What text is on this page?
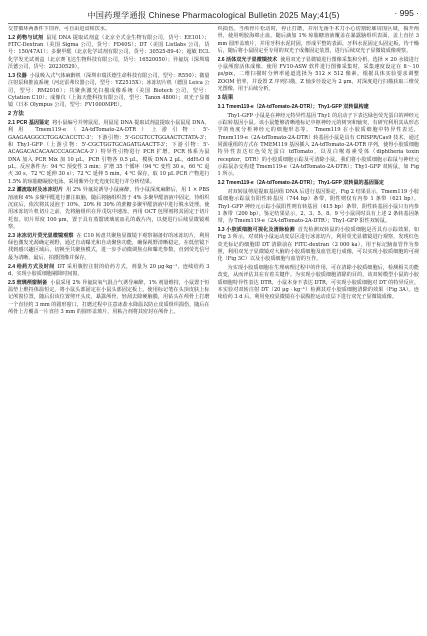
中国药理学通报 Chinese Pharmacological Bulletin 2025 May;41(5)	· 995 ·

交替循环两条件下饲养，可自由进食和饮水。

1.2 药物与试剂 鼠尾 DNA 提取试剂盒（北京全式金生物有限公司，货号：EE101）；FITC-Dextran（美国 Sigma 公司，货号：FD40S）；DT（美国 Listlabs 公司，货号：150/47A1）；多聚甲醛（北京化学试剂有限公司，货号：30525-89-4）；超敏 ECL 化学发光试剂盒（北京赛飞达生物科技有限公司，货号：16520050）；异氟烷（深圳瑞沃德公司，货号：20230529）。

1.3 仪器 小鼠吸入式气体麻醉机（深圳市瑞沃德生命科技有限公司，型号：R550）；微量注射泵和推流系统（河北雷弗仪器公司，型号：YZ2515X）；冰冻切片机（德国 Leica 公司，型号：RM2016）；共聚焦激光扫描成像系统（美国 Biotech 公司，型号：Cytation C10）；成像仪（上海天能科技有限公司，型号：Tanon 4800）；双光子显微镜（日本 Olympus 公司，型号：FV1000MPE）。

2 方法

2.1 PCR 基因鉴定 将小鼠编号并剪鼠尾，用鼠尾 DNA 提取试剂盒提取小鼠鼠尾 DNA，利用 Tmem119-e（2A-tdTomato-2A-DTR）上游引物：5'-GAAGAAGGCCTGGACACCTC-3'；下游引物：5'-GCGTCCTGGAACTCTATA-3'；和 Thy1-GFP（上游引物：5'-CGCTGGTGCAGATGAACTT-3'；下游引物：5'-ACAGACACACAACCCAGCACA-3'）特异性引物进行 PCR 扩增。PCR 体系为鼠 DNA 加入 PCR Mix 加 10 μL，PCR 引物各 0.5 μL，模板 DNA 2 μL，ddH₂O 6 μL。反应条件为：94 ℃ 预变性 3 min；扩增 35 个循环（94 ℃ 变性 30 s，60 ℃ 退火 30 s，72 ℃ 延伸 30 s）；72 ℃ 延伸 5 min，4 ℃ 保存。取 10 μL PCR 产物进行 1.5% 的琼脂糖凝胶电泳，采用紫外分光光度仪进行并分析结果。

2.2 灌流取材及冰冻切片 用 2% 异氟烷诱导小鼠麻醉，待小鼠深度麻醉后，用 1 × PBS 溶液和 4% 多聚甲醛进行灌注取脑，随后将脑组织置于 4% 多聚甲醛溶液中固定，待组织沉底后，依次将其浸泡于 10%、20% 和 30% 的蔗糖多聚甲醛溶液中进行脱水处理。使用冰冻切片机切片之前，先将脑组织在异戊烷中速冻，再用 OCT 包埋剂将其固定于切片托盘。切片厚度 100 μm，置于具有蒸馏玻璃底皿孔的载片内，以便进行后续显微镜观察。

2.3 冰冻切片荧光显微镜观察 在 C10 转盘共聚焦显微镜下观察制备好的冰冻切片，利用绿色激发光源确定视野，通过自动曝光和自动聚焦功能，确保视野清晰稳定。在低倍镜下找到感兴趣区域后，切换至共聚焦模式，进一步手动微调焦点和曝光参数，直到荧光信号最为清晰。最后，拍摄图像并保存。

2.4 给药方式及时间 DT 采用腹腔注射的给药方式，剂量为 20 μg·kg⁻¹，连续给药 3 d，实现小胶质细胞剔除时间窗。

2.5 玻璃颅窗制备 小鼠采用 2% 异氟烷氧气混合气诱导麻醉，1% 剂量维持，小鼠置于恒温垫上维持体温恒定。将小鼠头部固定在小鼠头部固定板上，使用标记笔在头顶皮肤上标记颅窗位置，随后沿该位置剪开头皮，暴露颅骨，轻刮去除硬脑膜，用钻头在颅骨上打磨一个直径约 3 mm 的圆形窗口，打磨过程中注意冰盐水降温以防止皮质组织损伤，随后在颅骨上方覆盖一片直径 3 mm 的圆形盖玻片，用粘合剂将其密封在颅骨上。

织损伤。当颅骨片松动时，停止打磨，并用无菌手术刀小心切割轮廓周围区域，揭开颅骨，使用明胶海绵止血。随后滴加 1% 琼脂糖溶液覆盖在暴露脑组织表面，盖上直径 3 mm 圆形盖玻片，并用牙科水泥封固，形成平整的表面。牙科水泥固定头固定板，待干燥后，随后将小鼠固定至专用的双光子成像固定装置，进行后续双光子显微镜成像观察。

2.6 活体双光子显微镜技术 使用双光子显微镜进行图像采集和分析。选择 × 20 水镜进行小鼠颅窗活体成像。使用 FV10-ASW 软件进行图像采集时，采集速度设定在 8～10 μs/pix，二维扫描时分辨率通道选择为 512 × 512 像素。根据具体实验要求调整 ZOOM 倍率，并设置 Z 序列扫描，Z 轴步径设定为 2 μm，对深度进行扫描获取三维荧光图像，用于后续分析。

3 结果
3.1 Tmem119-e（2A-tdTomato-2A-DTR）；Thy1-GFP 双转鼠构建

Thy1-GFP 小鼠是在神经元特异性基因 Thy1 的启动子下表达绿色荧光蛋白的神经元示踪转基因小鼠。该小鼠能够清晰地标记中枢神经元的树突和轴突，有研究利用其从形态学的角度分析神经元的细胞形态等。 Tmem119 在小胶质细胞中特异性表达，Tmem119-e（2A-tdTomato-2A-DTR）转基因小鼠是具有 CRISPR/Cas9 技术，通过同源重组的方式在 TMEM119 基因插入 2A-tdTomato-2A-DTR 序列，使得小胶质细胞特异性表达红色荧光蛋白 tdTomato，以及白喉毒素受体（diphtheria toxin receptor，DTR）的小胶质细胞示踪及可清除小鼠。我们将小胶质细胞示踪鼠与神经元示踪鼠杂交构建 Tmem119-e（2A-tdTomato-2A-DTR）；Thy1-GFP 双转鼠，如 Fig 1 所示。

3.2 Tmem119-e（2A-tdTomato-2A-DTR）；Thy1-GFP 双转鼠的基因鉴定

对双转鼠剪尾提取基因组 DNA 后进行基因鉴定，Fig 2 结果显示，Tmem119 小胶质细胞示踪鼠有阳性转基因（744 bp）条带，阴性则仅有内参 1 条带（621 bp）。Thy1-GFP 神经元示踪小鼠阳性则有转基因（415 bp）条带，阴性转基因小鼠只有内参 1 条带（200 bp）。鉴定结果显示，2、3、5、8、9 号小鼠同时具有上述 2 条转基因条带，为 Tmem119-e（2A-tdTomato-2A-DTR）；Thy1-GFP 阳性双转鼠。

3.3 小胶质细胞可视化及清除检测 首先检测双转鼠的小胶质细胞是否具有示踪效果，如 Fig 3 所示，对双转小鼠运动皮层区进行冰冻切片，利用荧光显微镜进行观察，发现红色荧光标记的细胞即 DT 清除前在 FITC-dextran（2 000 ka），用于标记脑血管作为参照，利用双光子显微镜对大脑的小胶质细胞及血管进行成像，可以实现小胶质细胞的可视化（Fig 3C）以及小胶质细胞与血管的互作。

为实现小胶质细胞在生理病理过程中的作用，可在清除小胶质细胞后，检测相关功能改变，从而评估其在有着关键作。为实现小胶质细胞清除的目的，该双转模型小鼠的小胶质细胞特异性表达 DTR，小鼠本身不表达 DTR，可实现小胶质细胞对 DT 的特异反应。本实验对双转注射 DT（20 μg · kg⁻¹）检测其对小胶质细胞清除的效果（Fig 3A）。连续给药 3 d 后，利用免疫显微镜在小鼠腹腔运动皮层下进行双光子显微镜成像。
